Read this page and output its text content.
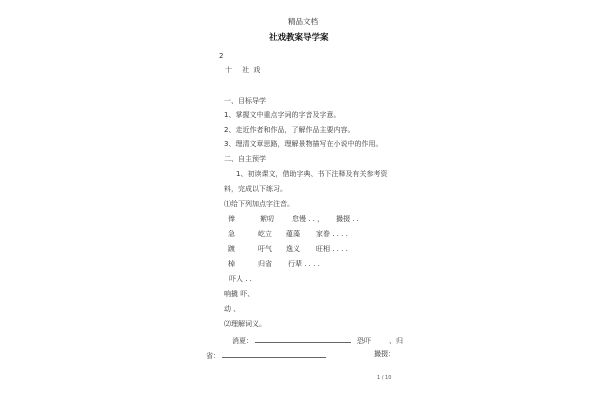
精品文档
社戏教案导学案
2
十 社戏
一、目标导学
1、掌握文中重点字词的字音及字意。
2、走近作者和作品，了解作品主要内容。
3、理清文章思路，理解景物描写在小说中的作用。
二、自主预学
1、初读课文，借助字典、书下注释及有关参考资
料，完成以下练习。
⑴给下列加点字注音。
俸	絮叨	怠慢 . . ， 撮掇 . .
急	屹立 蕴藻 家眷 . . . .
踱	吁气 逸义 旺相 . . . .
棹	归省 行辈 . . . .
吓人 . .
响撬 吓、
动 、
⑵理解词义。
消夏：	恐吓	、归
省：	撮掇：
1 / 10
